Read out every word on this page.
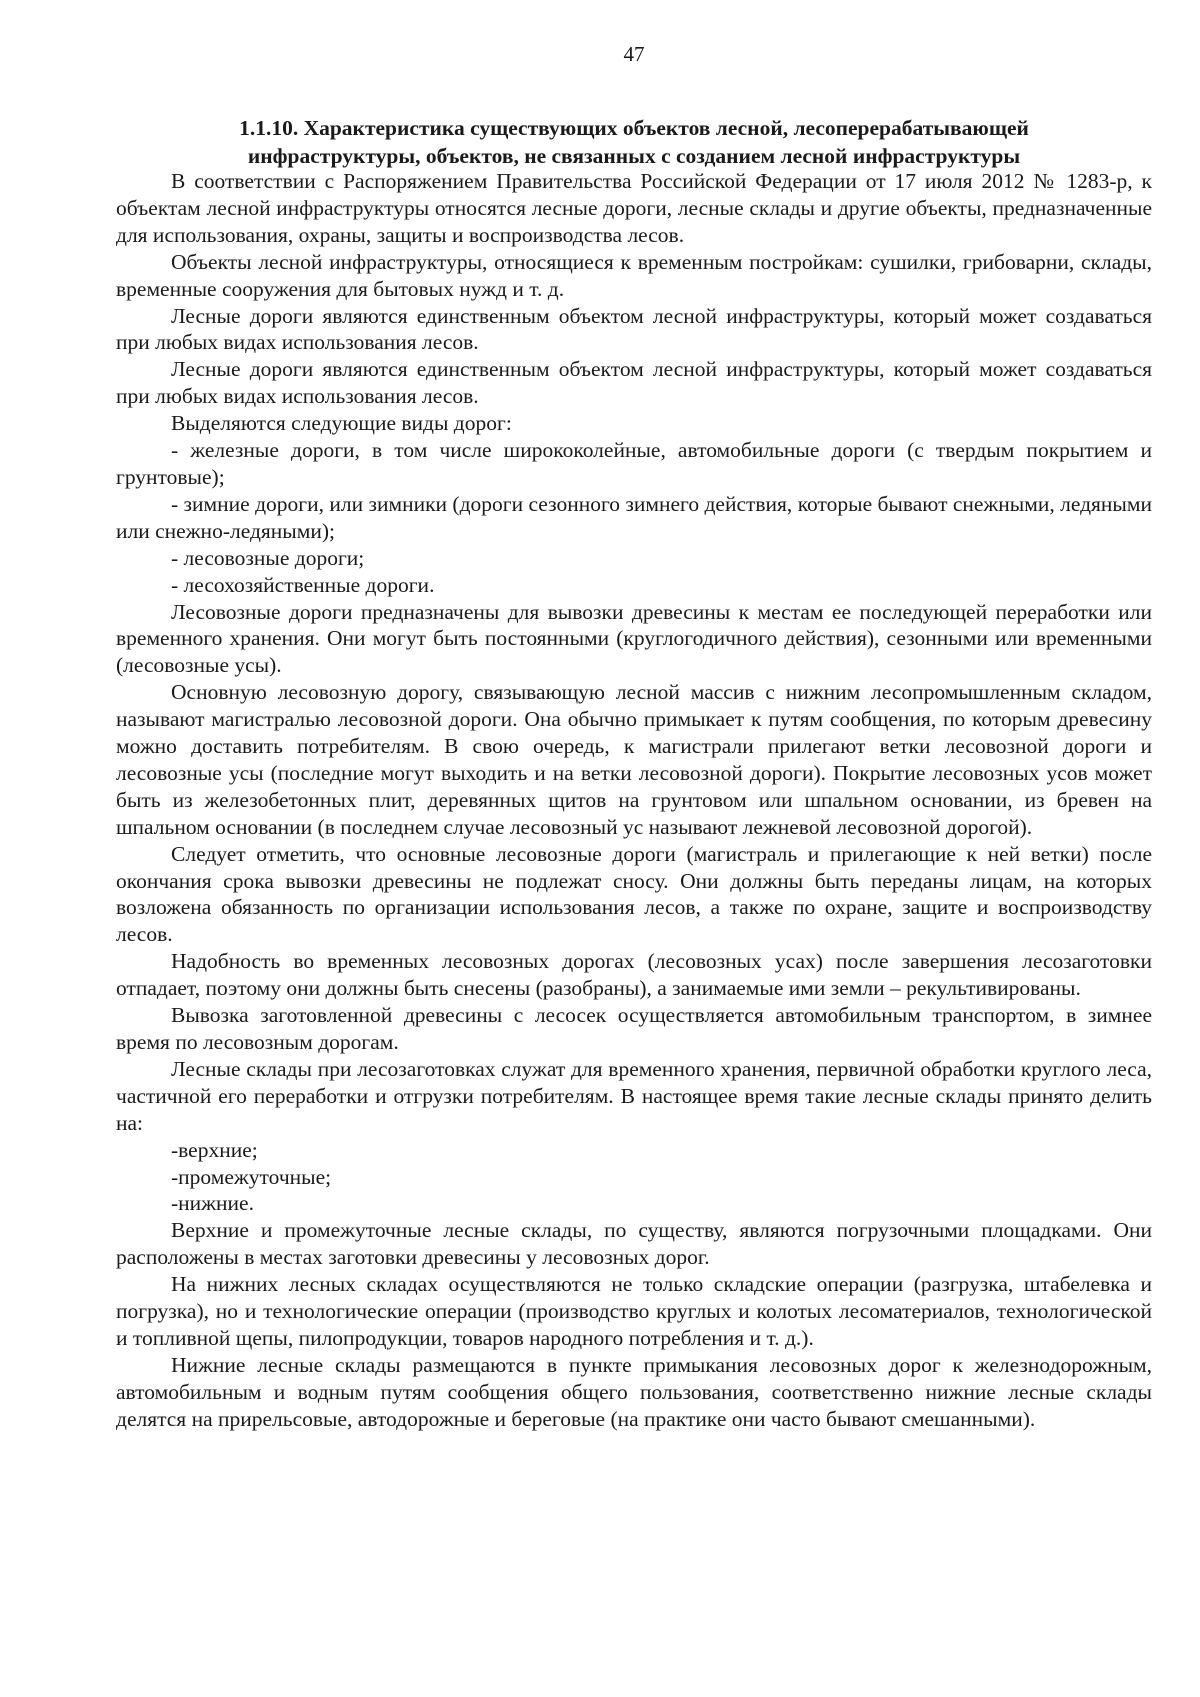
47
1.1.10. Характеристика существующих объектов лесной, лесоперерабатывающей
инфраструктуры, объектов, не связанных с созданием лесной инфраструктуры

В соответствии с Распоряжением Правительства Российской Федерации от 17 июля 2012 № 1283-р, к объектам лесной инфраструктуры относятся лесные дороги, лесные склады и другие объекты, предназначенные для использования, охраны, защиты и воспроизводства лесов.

Объекты лесной инфраструктуры, относящиеся к временным постройкам: сушилки, грибоварни, склады, временные сооружения для бытовых нужд и т. д.

Лесные дороги являются единственным объектом лесной инфраструктуры, который может создаваться при любых видах использования лесов.

Лесные дороги являются единственным объектом лесной инфраструктуры, который может создаваться при любых видах использования лесов.

Выделяются следующие виды дорог:

- железные дороги, в том числе ширококолейные, автомобильные дороги (с твердым покрытием и грунтовые);

- зимние дороги, или зимники (дороги сезонного зимнего действия, которые бывают снежными, ледяными или снежно-ледяными);

- лесовозные дороги;

- лесохозяйственные дороги.

Лесовозные дороги предназначены для вывозки древесины к местам ее последующей переработки или временного хранения. Они могут быть постоянными (круглогодичного действия), сезонными или временными (лесовозные усы).

Основную лесовозную дорогу, связывающую лесной массив с нижним лесопромышленным складом, называют магистралью лесовозной дороги. Она обычно примыкает к путям сообщения, по которым древесину можно доставить потребителям. В свою очередь, к магистрали прилегают ветки лесовозной дороги и лесовозные усы (последние могут выходить и на ветки лесовозной дороги). Покрытие лесовозных усов может быть из железобетонных плит, деревянных щитов на грунтовом или шпальном основании, из бревен на шпальном основании (в последнем случае лесовозный ус называют лежневой лесовозной дорогой).

Следует отметить, что основные лесовозные дороги (магистраль и прилегающие к ней ветки) после окончания срока вывозки древесины не подлежат сносу. Они должны быть переданы лицам, на которых возложена обязанность по организации использования лесов, а также по охране, защите и воспроизводству лесов.

Надобность во временных лесовозных дорогах (лесовозных усах) после завершения лесозаготовки отпадает, поэтому они должны быть снесены (разобраны), а занимаемые ими земли – рекультивированы.

Вывозка заготовленной древесины с лесосек осуществляется автомобильным транспортом, в зимнее время по лесовозным дорогам.

Лесные склады при лесозаготовках служат для временного хранения, первичной обработки круглого леса, частичной его переработки и отгрузки потребителям. В настоящее время такие лесные склады принято делить на:

-верхние;

-промежуточные;

-нижние.

Верхние и промежуточные лесные склады, по существу, являются погрузочными площадками. Они расположены в местах заготовки древесины у лесовозных дорог.

На нижних лесных складах осуществляются не только складские операции (разгрузка, штабелевка и погрузка), но и технологические операции (производство круглых и колотых лесоматериалов, технологической и топливной щепы, пилопродукции, товаров народного потребления и т. д.).

Нижние лесные склады размещаются в пункте примыкания лесовозных дорог к железнодорожным, автомобильным и водным путям сообщения общего пользования, соответственно нижние лесные склады делятся на прирельсовые, автодорожные и береговые (на практике они часто бывают смешанными).
